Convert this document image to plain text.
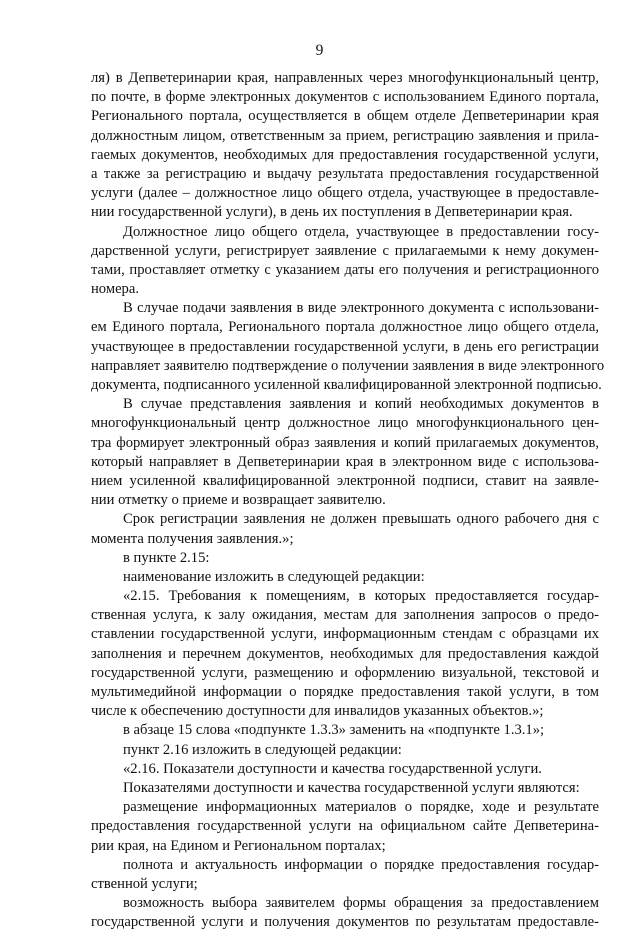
9
ля) в Депветеринарии края, направленных через многофункциональный центр,
по почте, в форме электронных документов с использованием Единого портала,
Регионального портала, осуществляется в общем отделе Депветеринарии края
должностным лицом, ответственным за прием, регистрацию заявления и прила-
гаемых документов, необходимых для предоставления государственной услуги,
а также за регистрацию и выдачу результата предоставления государственной
услуги (далее – должностное лицо общего отдела, участвующее в предоставле-
нии государственной услуги), в день их поступления в Депветеринарии края.
Должностное лицо общего отдела, участвующее в предоставлении госу-
дарственной услуги, регистрирует заявление с прилагаемыми к нему докумен-
тами, проставляет отметку с указанием даты его получения и регистрационного
номера.
В случае подачи заявления в виде электронного документа с использовани-
ем Единого портала, Регионального портала должностное лицо общего отдела,
участвующее в предоставлении государственной услуги, в день его регистрации
направляет заявителю подтверждение о получении заявления в виде электронного
документа, подписанного усиленной квалифицированной электронной подписью.
В случае представления заявления и копий необходимых документов в
многофункциональный центр должностное лицо многофункционального цен-
тра формирует электронный образ заявления и копий прилагаемых документов,
который направляет в Депветеринарии края в электронном виде с использова-
нием усиленной квалифицированной электронной подписи, ставит на заявле-
нии отметку о приеме и возвращает заявителю.
Срок регистрации заявления не должен превышать одного рабочего дня с
момента получения заявления.»;
в пункте 2.15:
наименование изложить в следующей редакции:
«2.15. Требования к помещениям, в которых предоставляется государ-
ственная услуга, к залу ожидания, местам для заполнения запросов о предо-
ставлении государственной услуги, информационным стендам с образцами их
заполнения и перечнем документов, необходимых для предоставления каждой
государственной услуги, размещению и оформлению визуальной, текстовой и
мультимедийной информации о порядке предоставления такой услуги, в том
числе к обеспечению доступности для инвалидов указанных объектов.»;
в абзаце 15 слова «подпункте 1.3.3» заменить на «подпункте 1.3.1»;
пункт 2.16 изложить в следующей редакции:
«2.16. Показатели доступности и качества государственной услуги.
Показателями доступности и качества государственной услуги являются:
размещение информационных материалов о порядке, ходе и результате
предоставления государственной услуги на официальном сайте Депветерина-
рии края, на Едином и Региональном порталах;
полнота и актуальность информации о порядке предоставления государ-
ственной услуги;
возможность выбора заявителем формы обращения за предоставлением
государственной услуги и получения документов по результатам предоставле-
